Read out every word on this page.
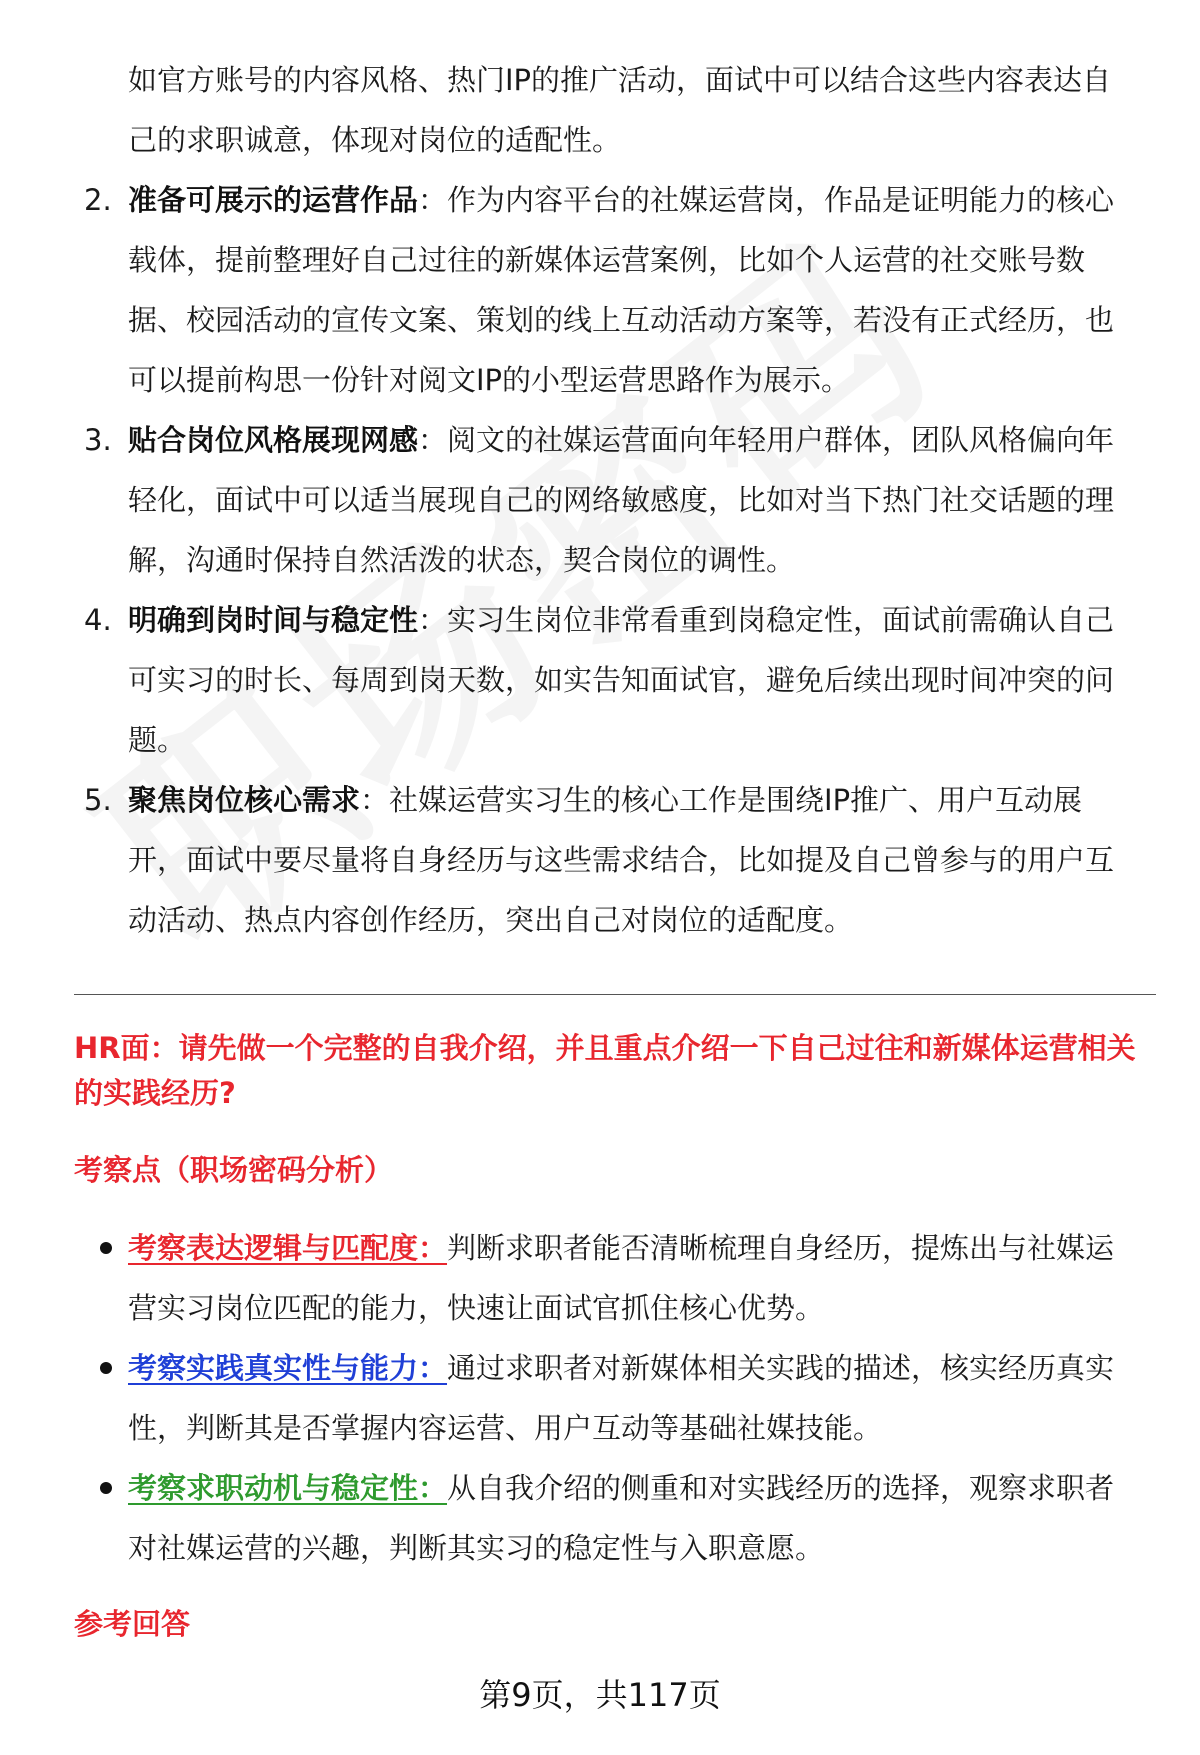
如官方账号的内容风格、热门IP的推广活动，面试中可以结合这些内容表达自己的求职诚意，体现对岗位的适配性。
2. 准备可展示的运营作品：作为内容平台的社媒运营岗，作品是证明能力的核心载体，提前整理好自己过往的新媒体运营案例，比如个人运营的社交账号数据、校园活动的宣传文案、策划的线上互动活动方案等，若没有正式经历，也可以提前构思一份针对阅文IP的小型运营思路作为展示。
3. 贴合岗位风格展现网感：阅文的社媒运营面向年轻用户群体，团队风格偏向年轻化，面试中可以适当展现自己的网络敏感度，比如对当下热门社交话题的理解，沟通时保持自然活泼的状态，契合岗位的调性。
4. 明确到岗时间与稳定性：实习生岗位非常看重到岗稳定性，面试前需确认自己可实习的时长、每周到岗天数，如实告知面试官，避免后续出现时间冲突的问题。
5. 聚焦岗位核心需求：社媒运营实习生的核心工作是围绕IP推广、用户互动展开，面试中要尽量将自身经历与这些需求结合，比如提及自己曾参与的用户互动活动、热点内容创作经历，突出自己对岗位的适配度。
HR面：请先做一个完整的自我介绍，并且重点介绍一下自己过往和新媒体运营相关的实践经历?
考察点（职场密码分析）
考察表达逻辑与匹配度：判断求职者能否清晰梳理自身经历，提炼出与社媒运营实习岗位匹配的能力，快速让面试官抓住核心优势。
考察实践真实性与能力：通过求职者对新媒体相关实践的描述，核实经历真实性，判断其是否掌握内容运营、用户互动等基础社媒技能。
考察求职动机与稳定性：从自我介绍的侧重和对实践经历的选择，观察求职者对社媒运营的兴趣，判断其实习的稳定性与入职意愿。
参考回答
第9页，共117页
